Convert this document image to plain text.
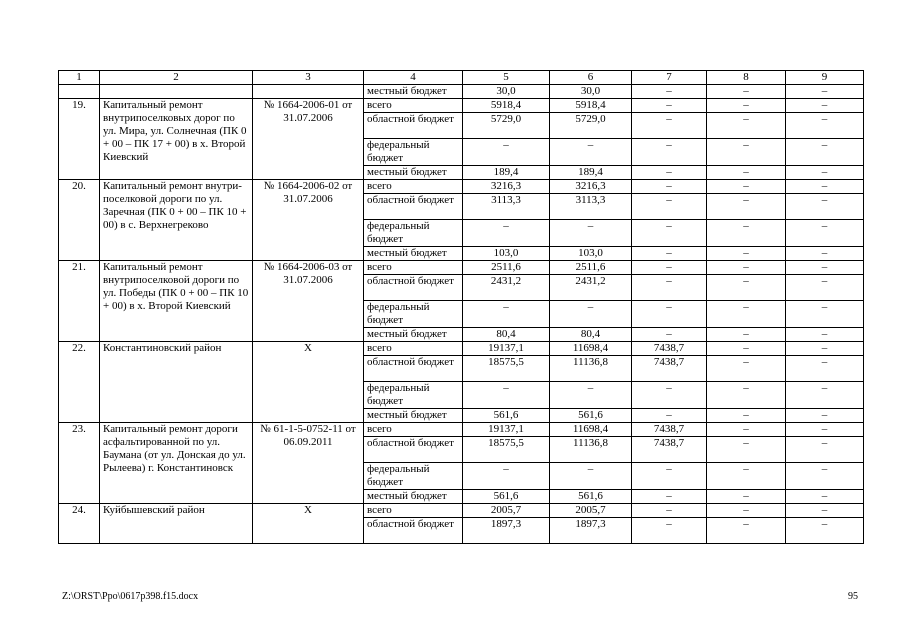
1	2	3	4	5	6	7	8	9
			местный бюджет	30,0	30,0	–	–	–
19.	Капитальный ремонт внутрипоселковых дорог по ул. Мира, ул. Солнечная (ПК 0 + 00 – ПК 17 + 00) в х. Второй Киевский	№ 1664-2006-01 от 31.07.2006	всего	5918,4	5918,4	–	–	–
			областной бюджет	5729,0	5729,0	–	–	–
			федеральный бюджет	–	–	–	–	–
			местный бюджет	189,4	189,4	–	–	–
20.	Капитальный ремонт внутри-поселковой дороги по ул. Заречная (ПК 0 + 00 – ПК 10 + 00) в с. Верхнегреково	№ 1664-2006-02 от 31.07.2006	всего	3216,3	3216,3	–	–	–
			областной бюджет	3113,3	3113,3	–	–	–
			федеральный бюджет	–	–	–	–	–
			местный бюджет	103,0	103,0	–	–	–
21.	Капитальный ремонт внутрипоселковой дороги по ул. Победы (ПК 0 + 00 – ПК 10 + 00) в х. Второй Киевский	№ 1664-2006-03 от 31.07.2006	всего	2511,6	2511,6	–	–	–
			областной бюджет	2431,2	2431,2	–	–	–
			федеральный бюджет	–	–	–	–	–
			местный бюджет	80,4	80,4	–	–	–
22.	Константиновский район	Х	всего	19137,1	11698,4	7438,7	–	–
			областной бюджет	18575,5	11136,8	7438,7	–	–
			федеральный бюджет	–	–	–	–	–
			местный бюджет	561,6	561,6	–	–	–
23.	Капитальный ремонт дороги асфальтированной по ул. Баумана (от ул. Донская до ул. Рылеева) г. Константиновск	№ 61-1-5-0752-11 от 06.09.2011	всего	19137,1	11698,4	7438,7	–	–
			областной бюджет	18575,5	11136,8	7438,7	–	–
			федеральный бюджет	–	–	–	–	–
			местный бюджет	561,6	561,6	–	–	–
24.	Куйбышевский район	Х	всего	2005,7	2005,7	–	–	–
			областной бюджет	1897,3	1897,3	–	–	–
Z:\ORST\Ppo\0617p398.f15.docx	95
